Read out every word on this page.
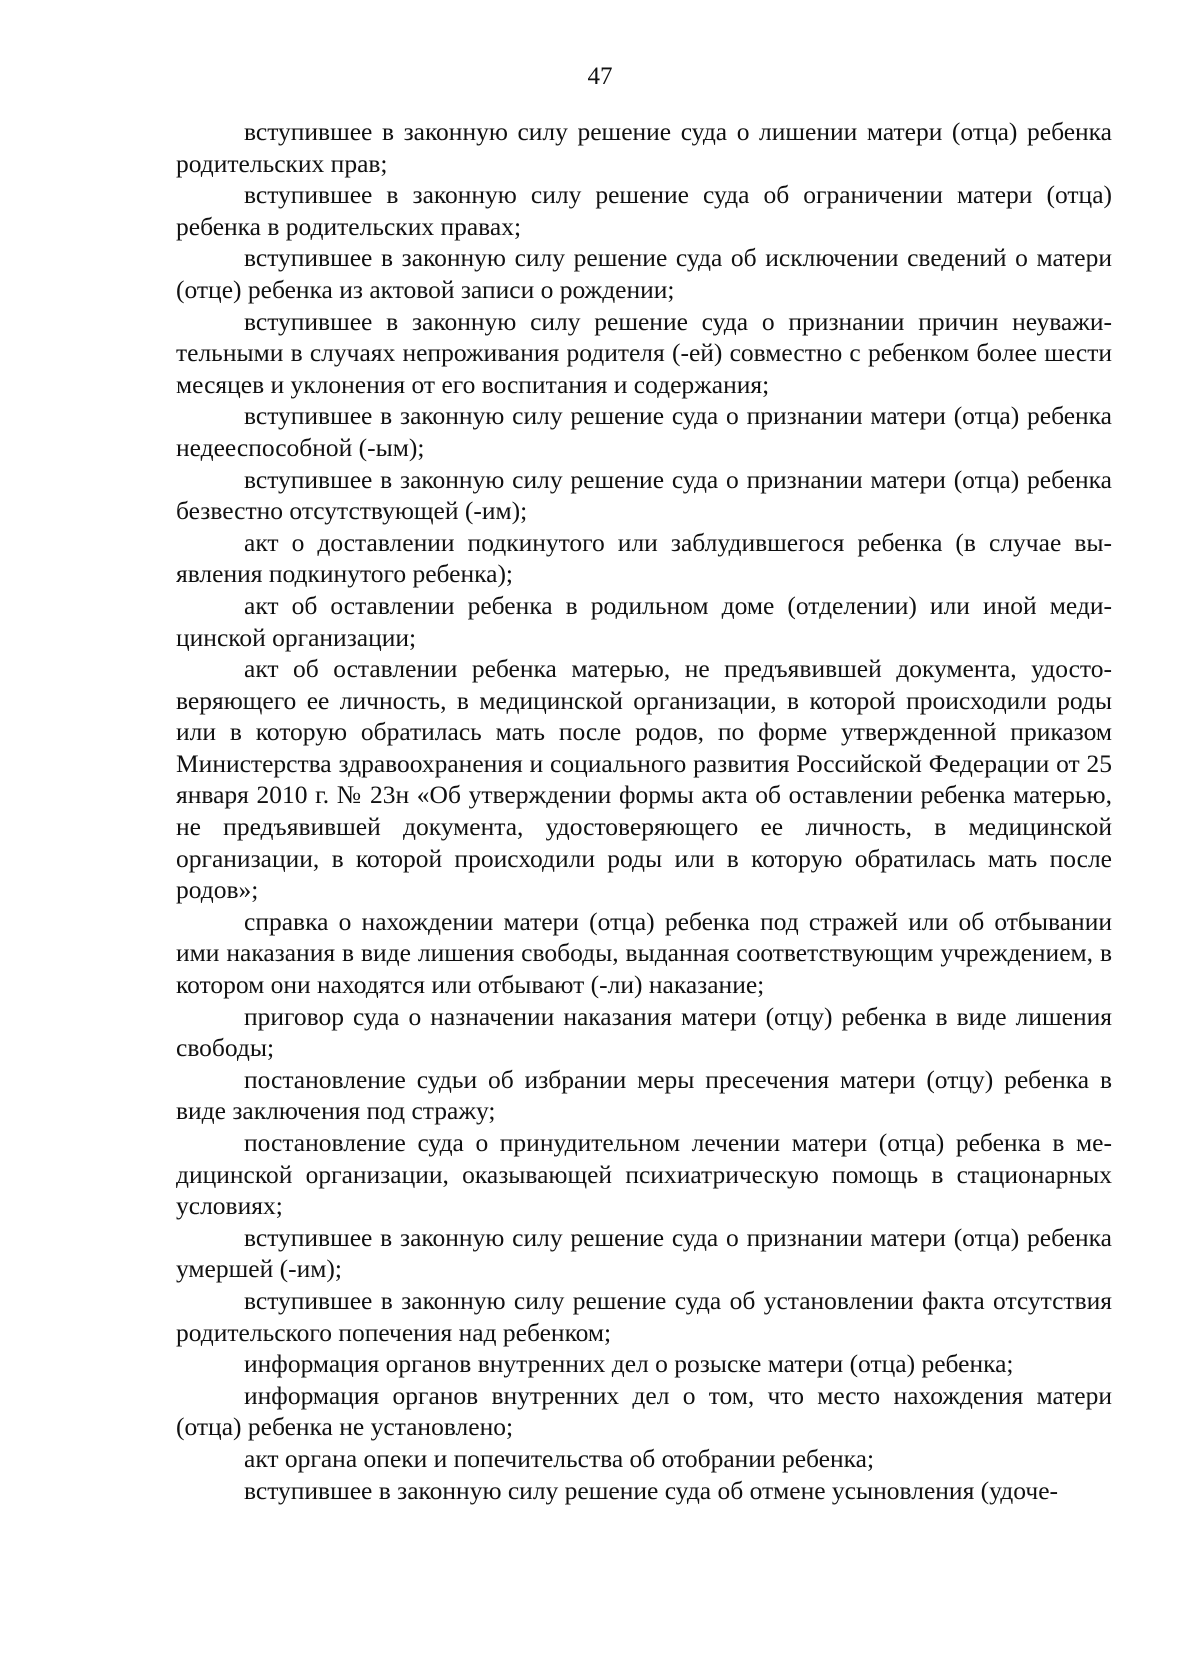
47

вступившее в законную силу решение суда о лишении матери (отца) ребенка родительских прав;

вступившее в законную силу решение суда об ограничении матери (отца) ребенка в родительских правах;

вступившее в законную силу решение суда об исключении сведений о матери (отце) ребенка из актовой записи о рождении;

вступившее в законную силу решение суда о признании причин неуважительными в случаях непроживания родителя (-ей) совместно с ребенком более шести месяцев и уклонения от его воспитания и содержания;

вступившее в законную силу решение суда о признании матери (отца) ребенка недееспособной (-ым);

вступившее в законную силу решение суда о признании матери (отца) ребенка безвестно отсутствующей (-им);

акт о доставлении подкинутого или заблудившегося ребенка (в случае выявления подкинутого ребенка);

акт об оставлении ребенка в родильном доме (отделении) или иной медицинской организации;

акт об оставлении ребенка матерью, не предъявившей документа, удостоверяющего ее личность, в медицинской организации, в которой происходили роды или в которую обратилась мать после родов, по форме утвержденной приказом Министерства здравоохранения и социального развития Российской Федерации от 25 января 2010 г. № 23н «Об утверждении формы акта об оставлении ребенка матерью, не предъявившей документа, удостоверяющего ее личность, в медицинской организации, в которой происходили роды или в которую обратилась мать после родов»;

справка о нахождении матери (отца) ребенка под стражей или об отбывании ими наказания в виде лишения свободы, выданная соответствующим учреждением, в котором они находятся или отбывают (-ли) наказание;

приговор суда о назначении наказания матери (отцу) ребенка в виде лишения свободы;

постановление судьи об избрании меры пресечения матери (отцу) ребенка в виде заключения под стражу;

постановление суда о принудительном лечении матери (отца) ребенка в медицинской организации, оказывающей психиатрическую помощь в стационарных условиях;

вступившее в законную силу решение суда о признании матери (отца) ребенка умершей (-им);

вступившее в законную силу решение суда об установлении факта отсутствия родительского попечения над ребенком;

информация органов внутренних дел о розыске матери (отца) ребенка;

информация органов внутренних дел о том, что место нахождения матери (отца) ребенка не установлено;

акт органа опеки и попечительства об отобрании ребенка;

вступившее в законную силу решение суда об отмене усыновления (удоче-
